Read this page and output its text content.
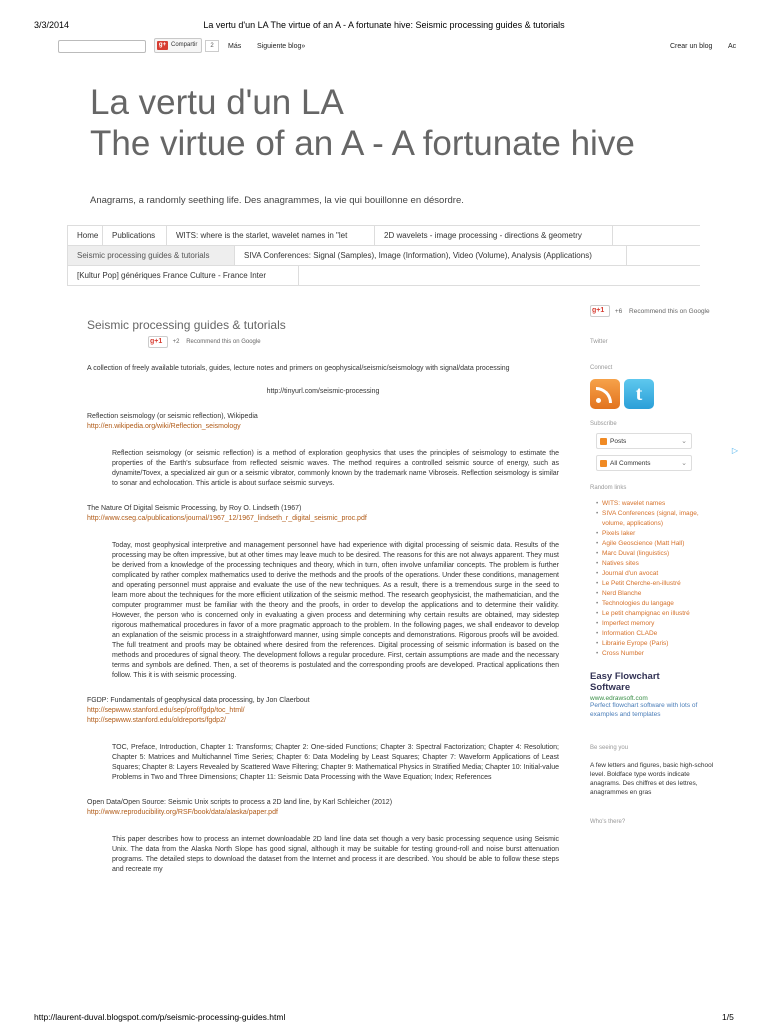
3/3/2014	La vertu d'un LA The virtue of an A - A fortunate hive: Seismic processing guides & tutorials
g+ Compartir	2	Más Siguiente blog»	Crear un blog Ac
La vertu d'un LA
The virtue of an A - A fortunate hive
Anagrams, a randomly seething life. Des anagrammes, la vie qui bouillonne en désordre.
Home	Publications	WITS: where is the starlet, wavelet names in "let	2D wavelets - image processing - directions & geometry
Seismic processing guides & tutorials	SIVA Conferences: Signal (Samples), Image (Information), Video (Volume), Analysis (Applications)
[Kultur Pop] génériques France Culture - France Inter
Seismic processing guides & tutorials
g+1	+2 Recommend this on Google

A collection of freely available tutorials, guides, lecture notes and primers on geophysical/seismic/seismology with signal/data processing

http://tinyurl.com/seismic-processing

Reflection seismology (or seismic reflection), Wikipedia
http://en.wikipedia.org/wiki/Reflection_seismology

Reflection seismology (or seismic reflection) is a method of exploration geophysics that uses the principles of seismology to estimate the properties of the Earth's subsurface from reflected seismic waves. The method requires a controlled seismic source of energy, such as dynamite/Tovex, a specialized air gun or a seismic vibrator, commonly known by the trademark name Vibroseis. Reflection seismology is similar to sonar and echolocation. This article is about surface seismic surveys.

The Nature Of Digital Seismic Processing, by Roy O. Lindseth (1967)
http://www.cseg.ca/publications/journal/1967_12/1967_lindseth_r_digital_seismic_proc.pdf

Today, most geophysical interpretive and management personnel have had experience with digital processing of seismic data. Results of the processing may be often impressive, but at other times may leave much to be desired. The reasons for this are not always apparent. They must be derived from a knowledge of the processing techniques and theory, which in turn, often involve unfamiliar concepts. The problem is further complicated by rather complex mathematics used to derive the methods and the proofs of the operations. Under these conditions, management and operating personnel must appraise and evaluate the use of the new techniques. As a result, there is a tremendous surge in the seed to learn more about the techniques for the more efficient utilization of the seismic method. The research geophysicist, the mathematician, and the computer programmer must be familiar with the theory and the proofs, in order to develop the applications and to determine their validity. However, the person who is concerned only in evaluating a given process and determining why certain results are obtained, may sidestep rigorous mathematical procedures in favor of a more pragmatic approach to the problem. In the following pages, we shall endeavor to develop an explanation of the seismic process in a straightforward manner, using simple concepts and demonstrations. Rigorous proofs will be avoided. The full treatment and proofs may be obtained where desired from the references. Digital processing of seismic information is based on the methods and procedures of signal theory. The development follows a regular procedure. First, certain assumptions are made and the necessary terms and symbols are defined. Then, a set of theorems is postulated and the corresponding proofs are developed. Practical applications then follow. This it is with seismic processing.

FGDP: Fundamentals of geophysical data processing, by Jon Claerbout
http://sepwww.stanford.edu/sep/prof/fgdp/toc_html/
http://sepwww.stanford.edu/oldreports/fgdp2/

TOC, Preface, Introduction, Chapter 1: Transforms; Chapter 2: One-sided Functions; Chapter 3: Spectral Factorization; Chapter 4: Resolution; Chapter 5: Matrices and Multichannel Time Series; Chapter 6: Data Modeling by Least Squares; Chapter 7: Waveform Applications of Least Squares; Chapter 8: Layers Revealed by Scattered Wave Filtering; Chapter 9: Mathematical Physics in Stratified Media; Chapter 10: Initial-value Problems in Two and Three Dimensions; Chapter 11: Seismic Data Processing with the Wave Equation; Index; References

Open Data/Open Source: Seismic Unix scripts to process a 2D land line, by Karl Schleicher (2012)
http://www.reproducibility.org/RSF/book/data/alaska/paper.pdf

This paper describes how to process an internet downloadable 2D land line data set though a very basic processing sequence using Seismic Unix. The data from the Alaska North Slope has good signal, although it may be suitable for testing ground-roll and noise burst attenuation programs. The detailed steps to download the dataset from the Internet and process it are described. You should be able to follow these steps and recreate my

g+1	+6 Recommend this on Google
Twitter
Connect
t
Subscribe
Posts	⌄
All Comments	⌄
Random links
• WITS: wavelet names
• SIVA Conferences (signal, image, volume, applications)
• Pixels laker
• Agile Geoscience (Matt Hall)
• Marc Duval (linguistics)
• Natives sites
• Journal d'un avocat
• Le Petit Cherche-en-illustré
• Nerd Blanche
• Technologies du langage
• Le petit champignac en illustré
• Imperfect memory
• Information CLADe
• Librairie Eyrope (Paris)
• Cross Number
Easy Flowchart Software
www.edrawsoft.com
Perfect flowchart software with lots of examples and templates
Be seeing you
A few letters and figures, basic high-school level. Boldface type words indicate anagrams. Des chiffres et des lettres, anagrammes en gras
Who's there?
▷
http://laurent-duval.blogspot.com/p/seismic-processing-guides.html	1/5
